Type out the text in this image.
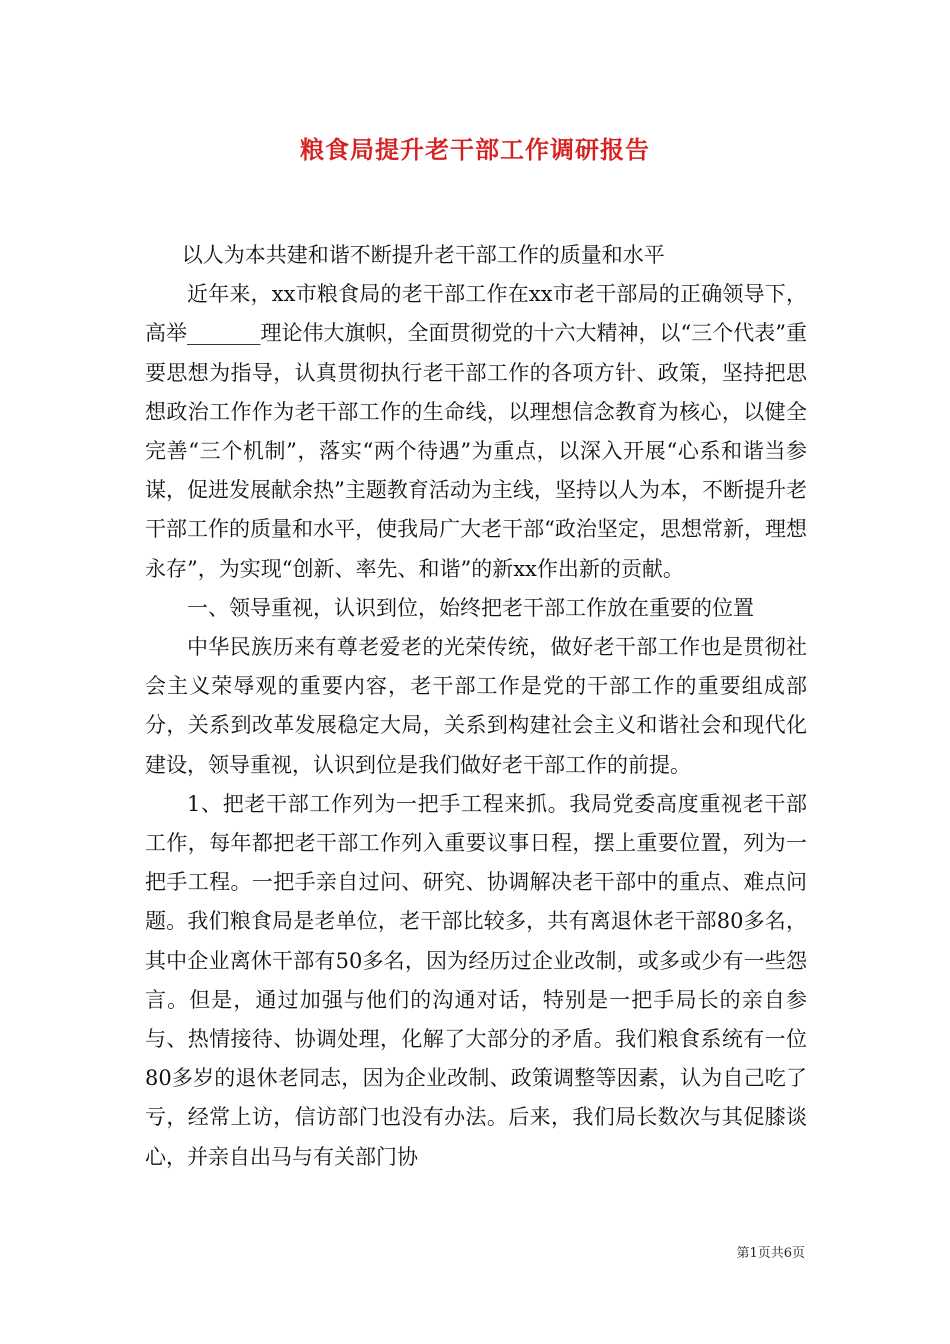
粮食局提升老干部工作调研报告

以人为本共建和谐不断提升老干部工作的质量和水平

近年来，xx市粮食局的老干部工作在xx市老干部局的正确领导下，高举_______理论伟大旗帜，全面贯彻党的十六大精神，以“三个代表”重要思想为指导，认真贯彻执行老干部工作的各项方针、政策，坚持把思想政治工作作为老干部工作的生命线，以理想信念教育为核心，以健全完善“三个机制”，落实“两个待遇”为重点，以深入开展“心系和谐当参谋，促进发展献余热”主题教育活动为主线，坚持以人为本，不断提升老干部工作的质量和水平，使我局广大老干部“政治坚定，思想常新，理想永存”，为实现“创新、率先、和谐”的新xx作出新的贡献。

一、领导重视，认识到位，始终把老干部工作放在重要的位置

中华民族历来有尊老爱老的光荣传统，做好老干部工作也是贯彻社会主义荣辱观的重要内容，老干部工作是党的干部工作的重要组成部分，关系到改革发展稳定大局，关系到构建社会主义和谐社会和现代化建设，领导重视，认识到位是我们做好老干部工作的前提。

1、把老干部工作列为一把手工程来抓。我局党委高度重视老干部工作，每年都把老干部工作列入重要议事日程，摆上重要位置，列为一把手工程。一把手亲自过问、研究、协调解决老干部中的重点、难点问题。我们粮食局是老单位，老干部比较多，共有离退休老干部80多名，其中企业离休干部有50多名，因为经历过企业改制，或多或少有一些怨言。但是，通过加强与他们的沟通对话，特别是一把手局长的亲自参与、热情接待、协调处理，化解了大部分的矛盾。我们粮食系统有一位80多岁的退休老同志，因为企业改制、政策调整等因素，认为自己吃了亏，经常上访，信访部门也没有办法。后来，我们局长数次与其促膝谈心，并亲自出马与有关部门协

第1页共6页
